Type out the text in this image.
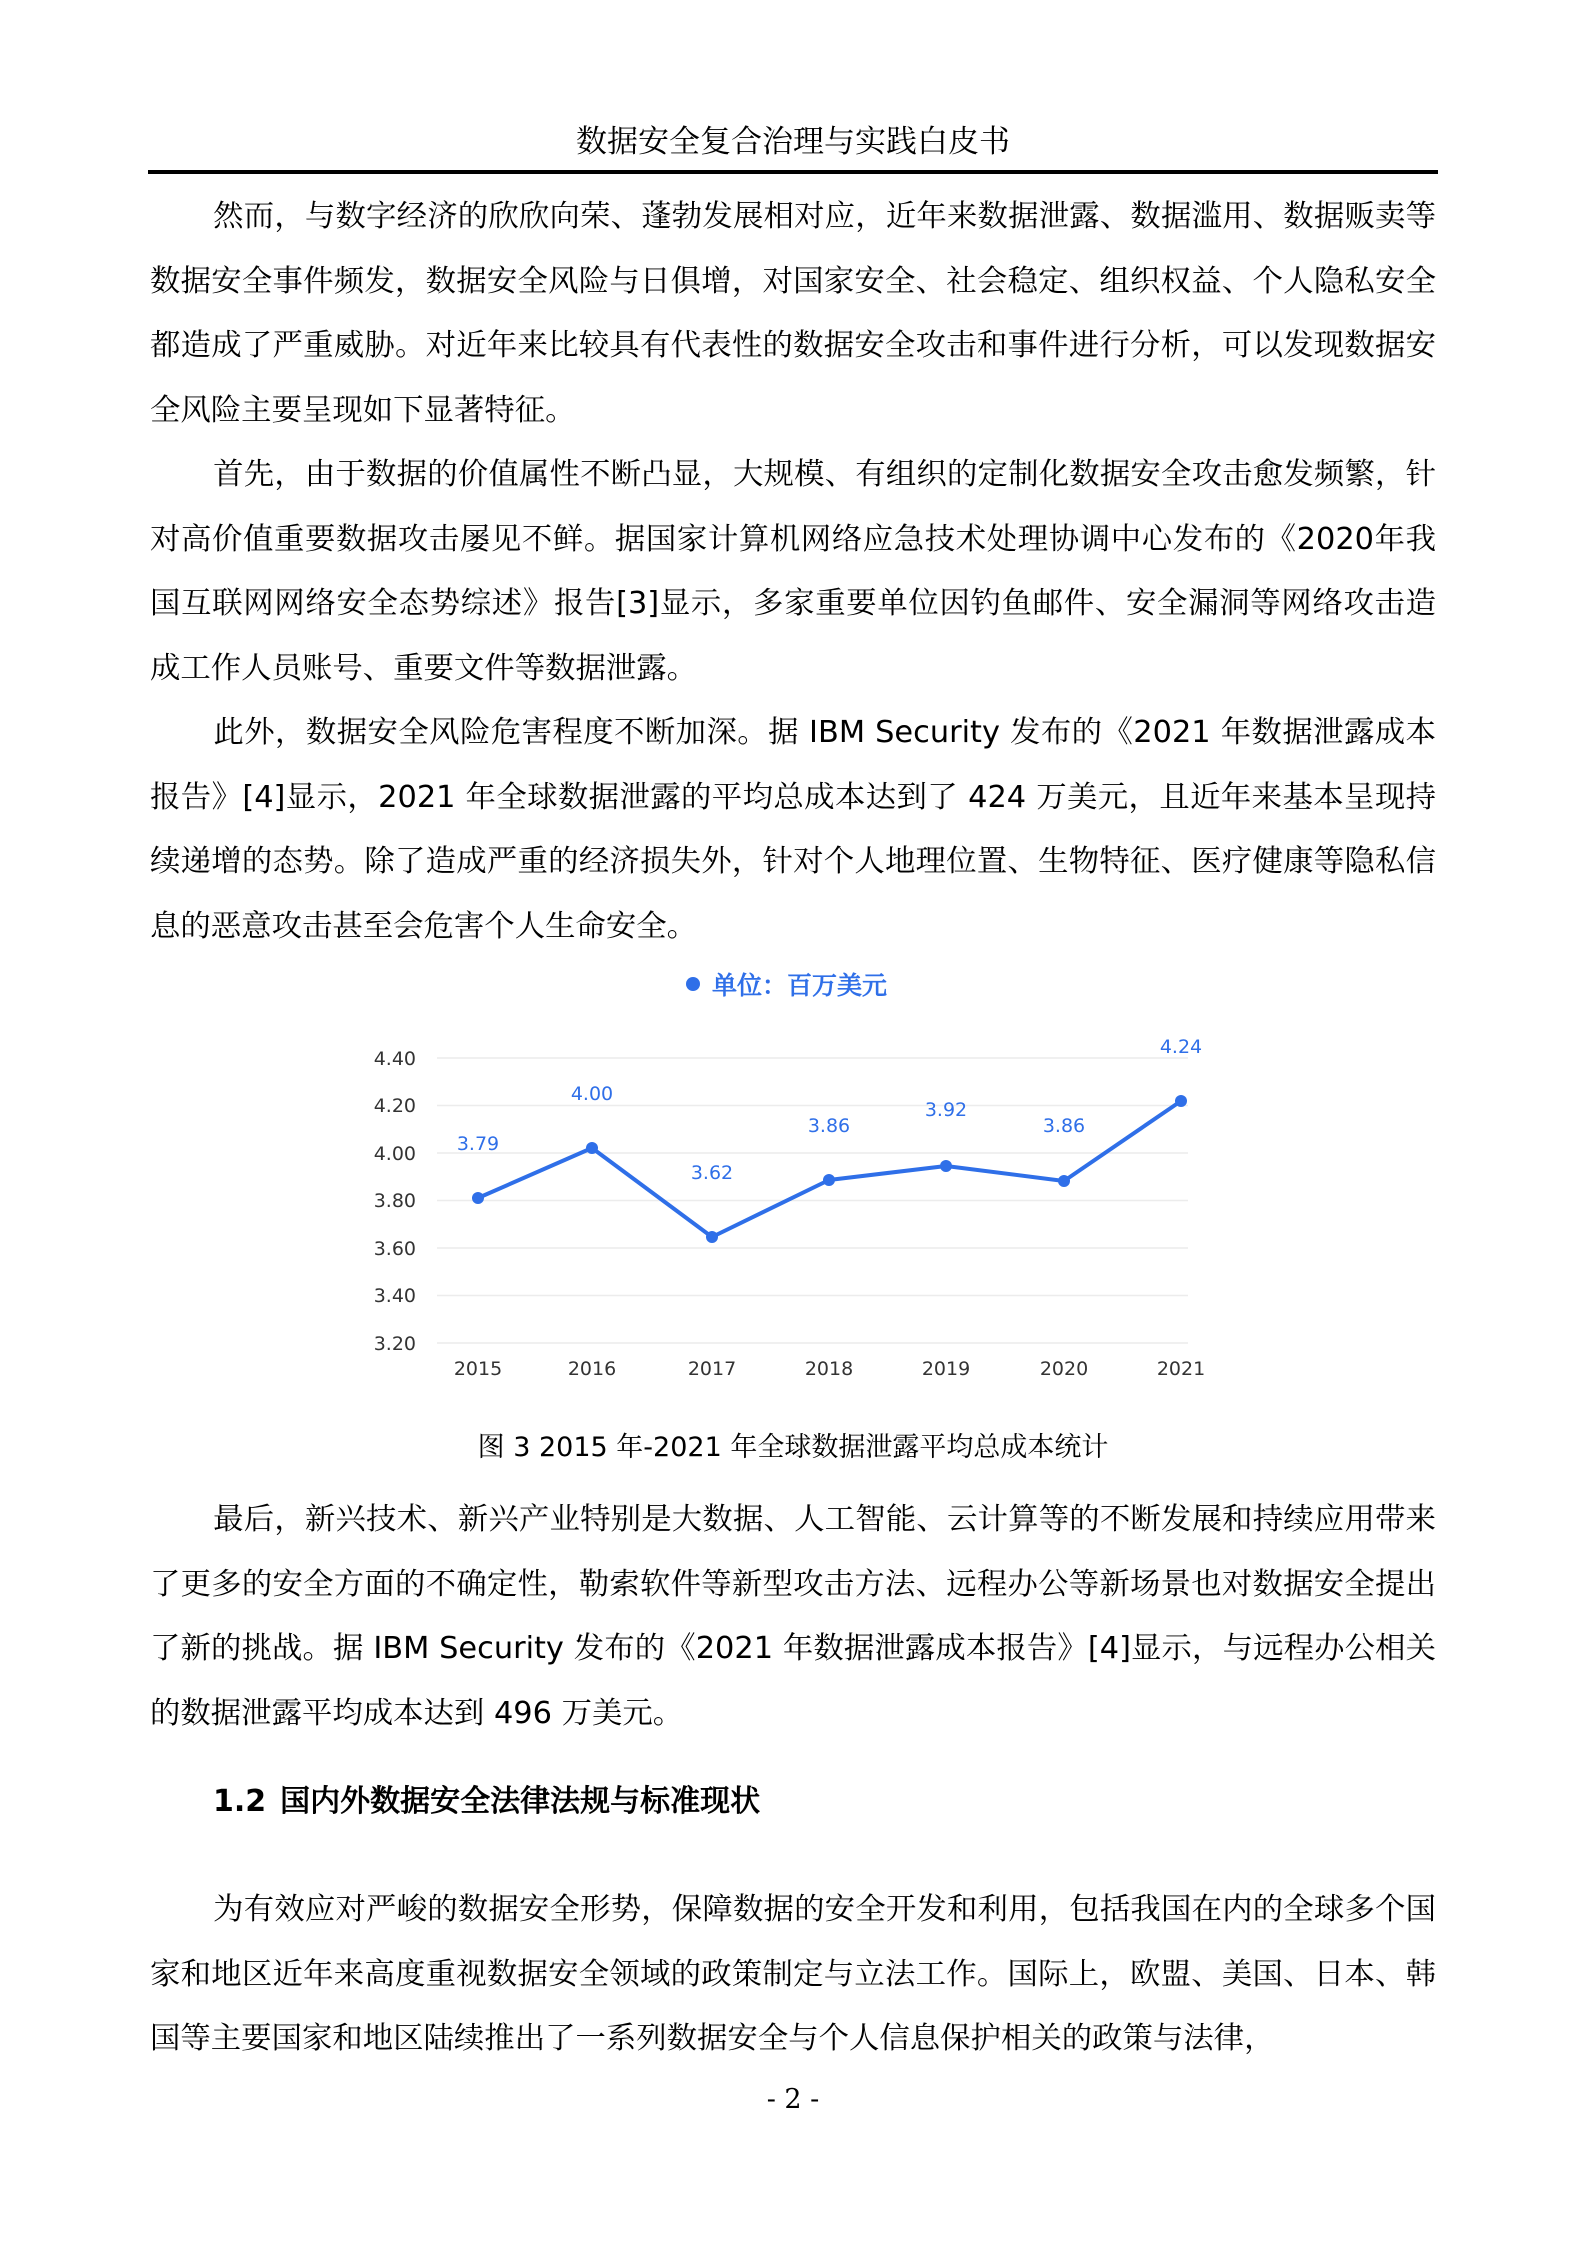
数据安全复合治理与实践白皮书

然而，与数字经济的欣欣向荣、蓬勃发展相对应，近年来数据泄露、数据滥用、数据贩卖等数据安全事件频发，数据安全风险与日俱增，对国家安全、社会稳定、组织权益、个人隐私安全都造成了严重威胁。对近年来比较具有代表性的数据安全攻击和事件进行分析，可以发现数据安全风险主要呈现如下显著特征。

首先，由于数据的价值属性不断凸显，大规模、有组织的定制化数据安全攻击愈发频繁，针对高价值重要数据攻击屡见不鲜。据国家计算机网络应急技术处理协调中心发布的《2020年我国互联网网络安全态势综述》报告[3]显示，多家重要单位因钓鱼邮件、安全漏洞等网络攻击造成工作人员账号、重要文件等数据泄露。

此外，数据安全风险危害程度不断加深。据 IBM Security 发布的《2021 年数据泄露成本报告》[4]显示，2021 年全球数据泄露的平均总成本达到了 424 万美元，且近年来基本呈现持续递增的态势。除了造成严重的经济损失外，针对个人地理位置、生物特征、医疗健康等隐私信息的恶意攻击甚至会危害个人生命安全。

单位：百万美元
4.40
4.20
4.00
3.80
3.60
3.40
3.20
2015	2016	2017	2018	2019	2020	2021
3.79
4.00
3.62
3.86
3.92
3.86
4.24
图 3 2015 年-2021 年全球数据泄露平均总成本统计

最后，新兴技术、新兴产业特别是大数据、人工智能、云计算等的不断发展和持续应用带来了更多的安全方面的不确定性，勒索软件等新型攻击方法、远程办公等新场景也对数据安全提出了新的挑战。据 IBM Security 发布的《2021 年数据泄露成本报告》[4]显示，与远程办公相关的数据泄露平均成本达到 496 万美元。

1.2 国内外数据安全法律法规与标准现状

为有效应对严峻的数据安全形势，保障数据的安全开发和利用，包括我国在内的全球多个国家和地区近年来高度重视数据安全领域的政策制定与立法工作。国际上，欧盟、美国、日本、韩国等主要国家和地区陆续推出了一系列数据安全与个人信息保护相关的政策与法律，

- 2 -
